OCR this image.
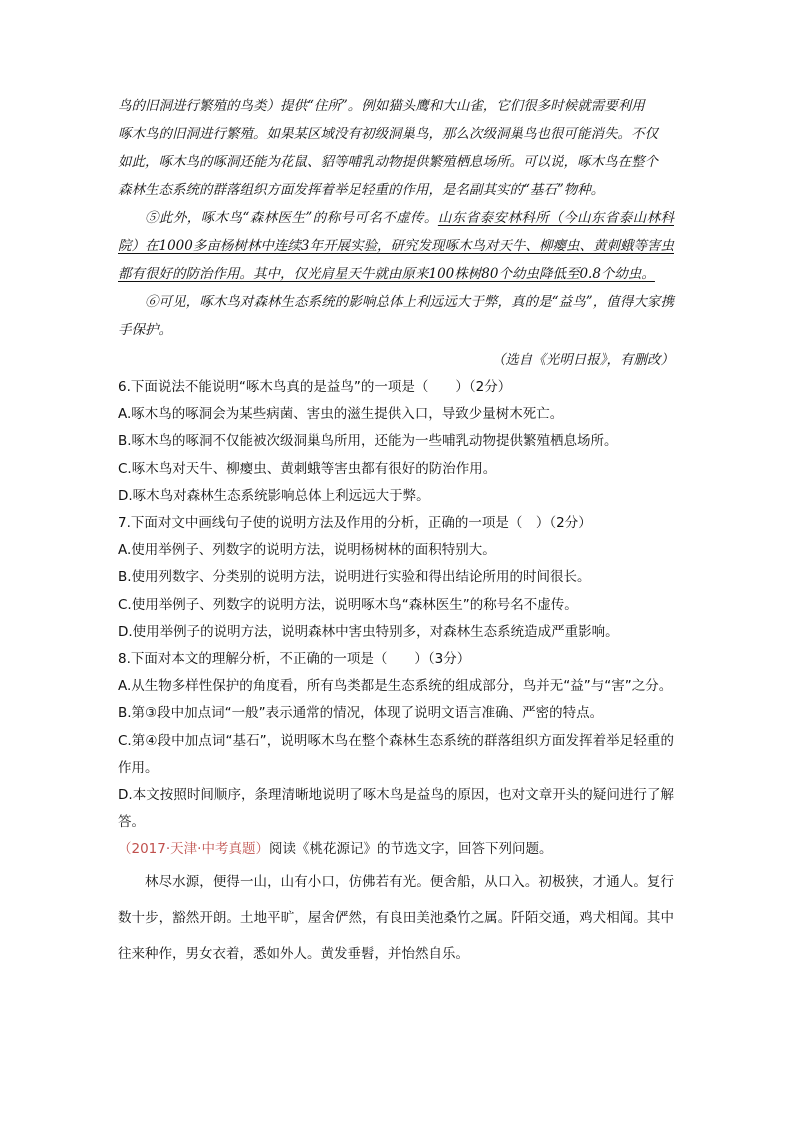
鸟的旧洞进行繁殖的鸟类）提供“住所”。例如猫头鹰和大山雀，它们很多时候就需要利用

啄木鸟的旧洞进行繁殖。如果某区域没有初级洞巢鸟，那么次级洞巢鸟也很可能消失。不仅

如此，啄木鸟的啄洞还能为花鼠、貂等哺乳动物提供繁殖栖息场所。可以说，啄木鸟在整个

森林生态系统的群落组织方面发挥着举足轻重的作用，是名副其实的“基石”物种。

⑤此外，啄木鸟“森林医生”的称号可名不虚传。山东省泰安林科所（今山东省泰山林科院）在1000多亩杨树林中连续3年开展实验，研究发现啄木鸟对天牛、柳瘿虫、黄刺蛾等害虫都有很好的防治作用。其中，仅光肩星天牛就由原来100株树80个幼虫降低至0.8个幼虫。

⑥可见，啄木鸟对森林生态系统的影响总体上利远远大于弊，真的是“益鸟”，值得大家携手保护。

（选自《光明日报》，有删改）

6.下面说法不能说明“啄木鸟真的是益鸟”的一项是（　　）（2分）

A.啄木鸟的啄洞会为某些病菌、害虫的滋生提供入口，导致少量树木死亡。

B.啄木鸟的啄洞不仅能被次级洞巢鸟所用，还能为一些哺乳动物提供繁殖栖息场所。

C.啄木鸟对天牛、柳瘿虫、黄刺蛾等害虫都有很好的防治作用。

D.啄木鸟对森林生态系统影响总体上利远远大于弊。

7.下面对文中画线句子使的说明方法及作用的分析，正确的一项是（　）（2分）

A.使用举例子、列数字的说明方法，说明杨树林的面积特别大。

B.使用列数字、分类别的说明方法，说明进行实验和得出结论所用的时间很长。

C.使用举例子、列数字的说明方法，说明啄木鸟“森林医生”的称号名不虚传。

D.使用举例子的说明方法，说明森林中害虫特别多，对森林生态系统造成严重影响。

8.下面对本文的理解分析，不正确的一项是（　　）（3分）

A.从生物多样性保护的角度看，所有鸟类都是生态系统的组成部分，鸟并无“益”与“害”之分。

B.第③段中加点词“一般”表示通常的情况，体现了说明文语言准确、严密的特点。

C.第④段中加点词“基石”，说明啄木鸟在整个森林生态系统的群落组织方面发挥着举足轻重的作用。

D.本文按照时间顺序，条理清晰地说明了啄木鸟是益鸟的原因，也对文章开头的疑问进行了解答。

（2017·天津·中考真题）阅读《桃花源记》的节选文字，回答下列问题。

林尽水源，便得一山，山有小口，仿佛若有光。便舍船，从口入。初极狭，才通人。复行数十步，豁然开朗。土地平旷，屋舍俨然，有良田美池桑竹之属。阡陌交通，鸡犬相闻。其中往来种作，男女衣着，悉如外人。黄发垂髫，并怡然自乐。
